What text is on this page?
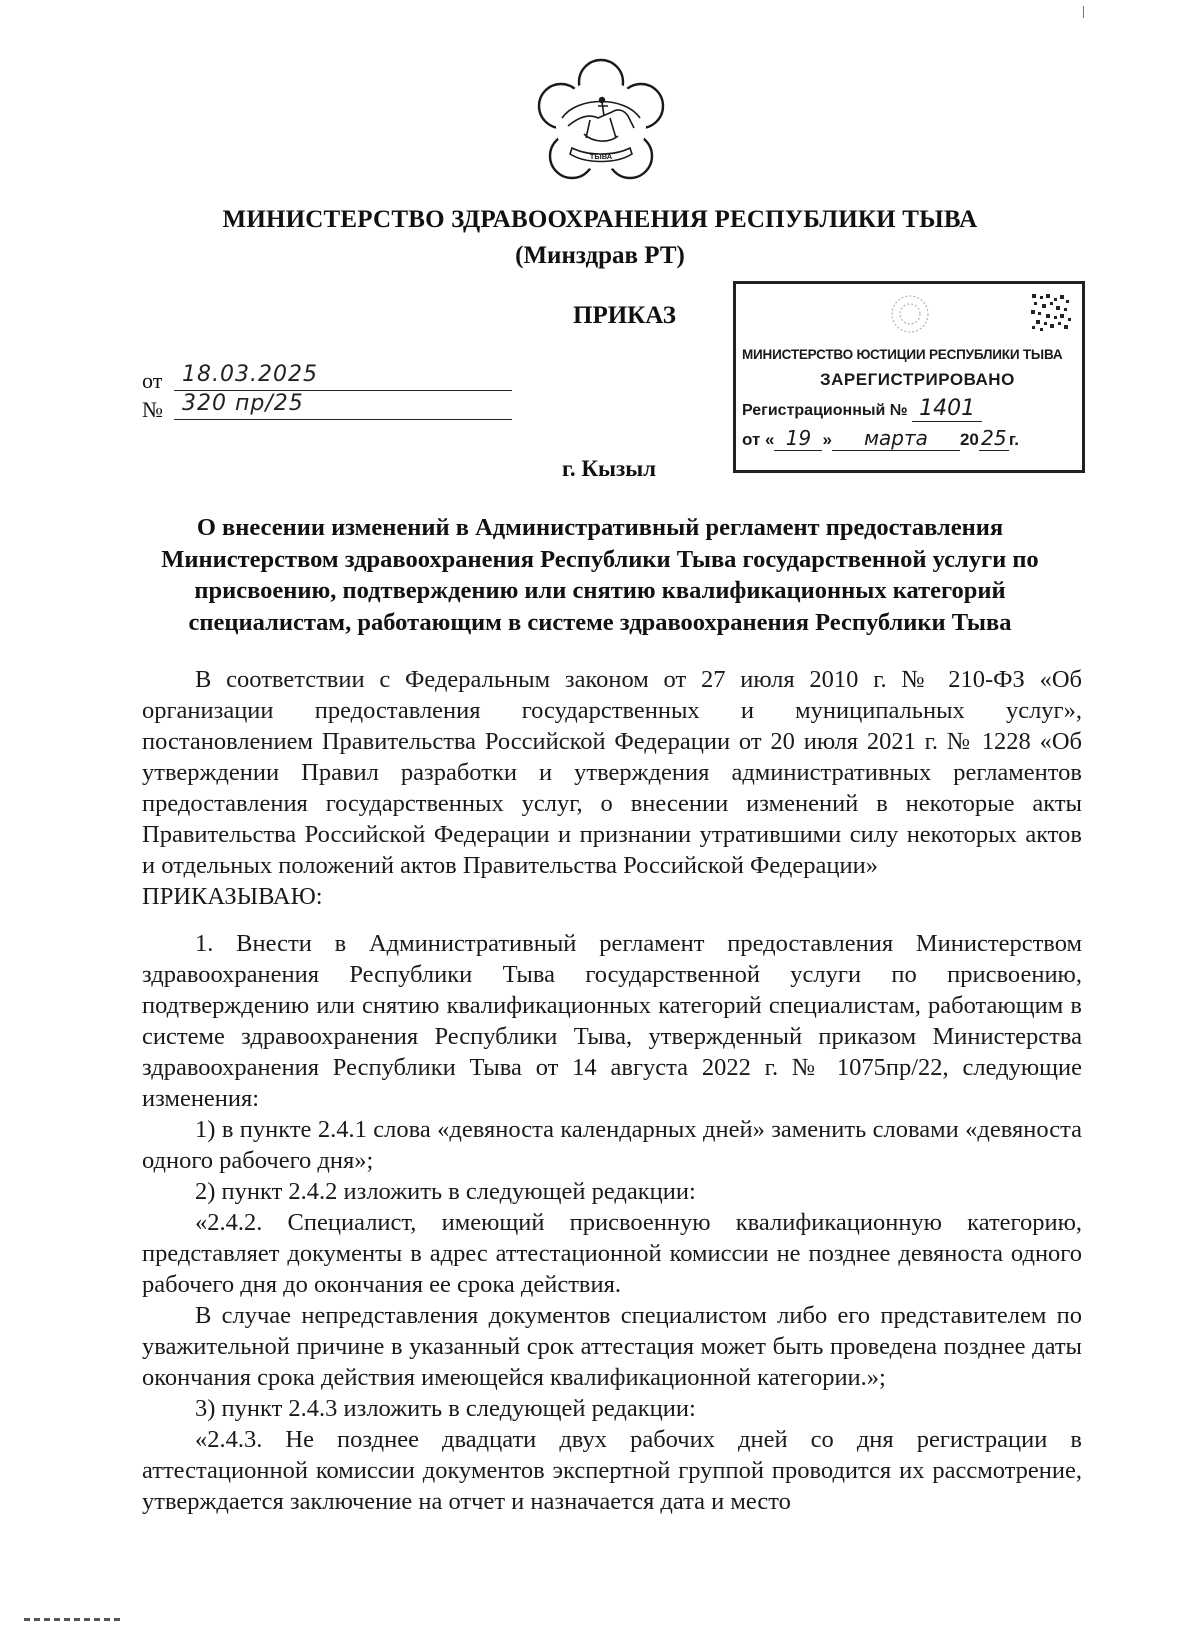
ТЫВА
МИНИСТЕРСТВО ЗДРАВООХРАНЕНИЯ РЕСПУБЛИКИ ТЫВА
(Минздрав РТ)
ПРИКАЗ
от 18.03.2025
№ 320 пр/25
МИНИСТЕРСТВО ЮСТИЦИИ РЕСПУБЛИКИ ТЫВА
ЗАРЕГИСТРИРОВАНО
Регистрационный № 1401
от « 19 » марта 20 25 г.
г. Кызыл
О внесении изменений в Административный регламент предоставления Министерством здравоохранения Республики Тыва государственной услуги по присвоению, подтверждению или снятию квалификационных категорий специалистам, работающим в системе здравоохранения Республики Тыва

В соответствии с Федеральным законом от 27 июля 2010 г. № 210-ФЗ «Об организации предоставления государственных и муниципальных услуг», постановлением Правительства Российской Федерации от 20 июля 2021 г. № 1228 «Об утверждении Правил разработки и утверждения административных регламентов предоставления государственных услуг, о внесении изменений в некоторые акты Правительства Российской Федерации и признании утратившими силу некоторых актов и отдельных положений актов Правительства Российской Федерации»

ПРИКАЗЫВАЮ:

1. Внести в Административный регламент предоставления Министерством здравоохранения Республики Тыва государственной услуги по присвоению, подтверждению или снятию квалификационных категорий специалистам, работающим в системе здравоохранения Республики Тыва, утвержденный приказом Министерства здравоохранения Республики Тыва от 14 августа 2022 г. № 1075пр/22, следующие изменения:

1) в пункте 2.4.1 слова «девяноста календарных дней» заменить словами «девяноста одного рабочего дня»;

2) пункт 2.4.2 изложить в следующей редакции:

«2.4.2. Специалист, имеющий присвоенную квалификационную категорию, представляет документы в адрес аттестационной комиссии не позднее девяноста одного рабочего дня до окончания ее срока действия.

В случае непредставления документов специалистом либо его представителем по уважительной причине в указанный срок аттестация может быть проведена позднее даты окончания срока действия имеющейся квалификационной категории.»;

3) пункт 2.4.3 изложить в следующей редакции:

«2.4.3. Не позднее двадцати двух рабочих дней со дня регистрации в аттестационной комиссии документов экспертной группой проводится их рассмотрение, утверждается заключение на отчет и назначается дата и место
